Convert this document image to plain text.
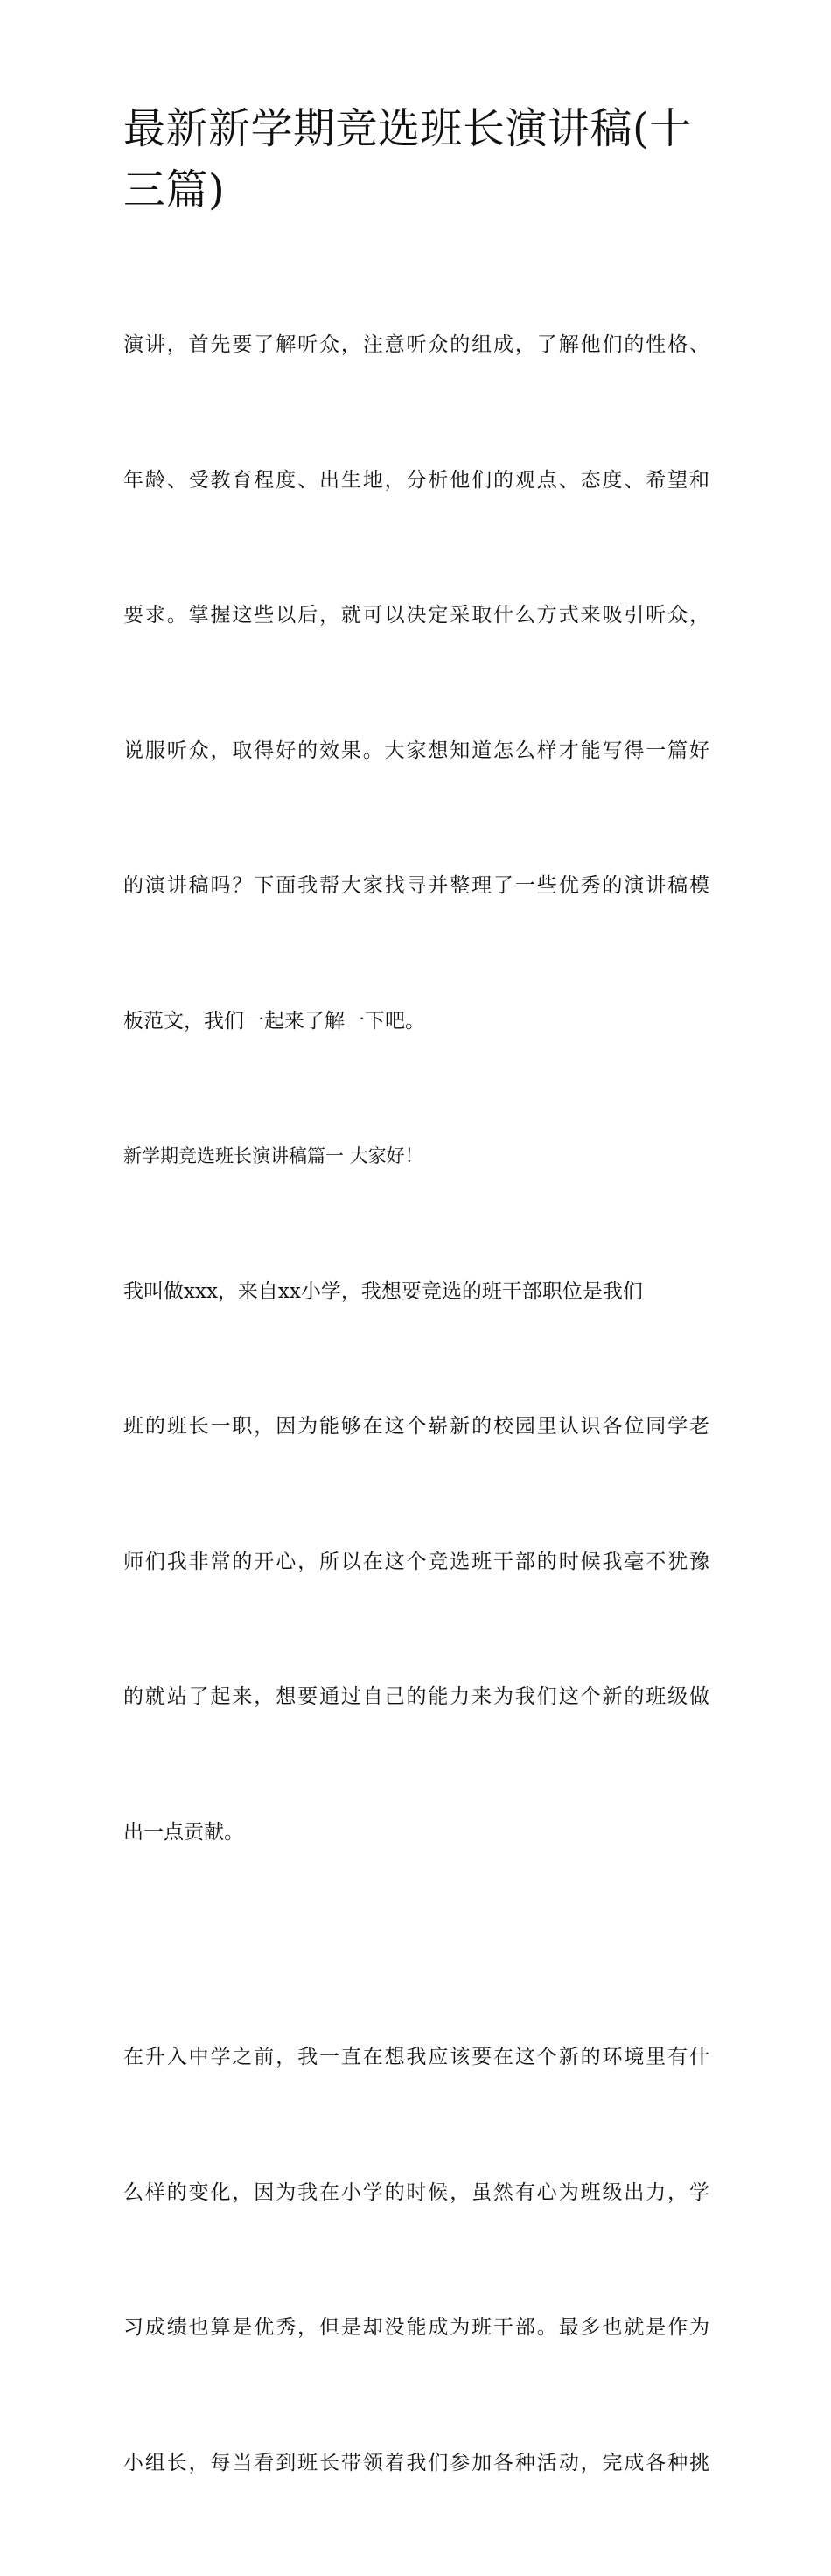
最新新学期竞选班长演讲稿(十
三篇)

演讲，首先要了解听众，注意听众的组成，了解他们的性格、

年龄、受教育程度、出生地，分析他们的观点、态度、希望和

要求。掌握这些以后，就可以决定采取什么方式来吸引听众，

说服听众，取得好的效果。大家想知道怎么样才能写得一篇好

的演讲稿吗？下面我帮大家找寻并整理了一些优秀的演讲稿模

板范文，我们一起来了解一下吧。

新学期竞选班长演讲稿篇一 大家好！

我叫做xxx，来自xx小学，我想要竞选的班干部职位是我们

班的班长一职，因为能够在这个崭新的校园里认识各位同学老

师们我非常的开心，所以在这个竞选班干部的时候我毫不犹豫

的就站了起来，想要通过自己的能力来为我们这个新的班级做

出一点贡献。

在升入中学之前，我一直在想我应该要在这个新的环境里有什

么样的变化，因为我在小学的时候，虽然有心为班级出力，学

习成绩也算是优秀，但是却没能成为班干部。最多也就是作为

小组长，每当看到班长带领着我们参加各种活动，完成各种挑
